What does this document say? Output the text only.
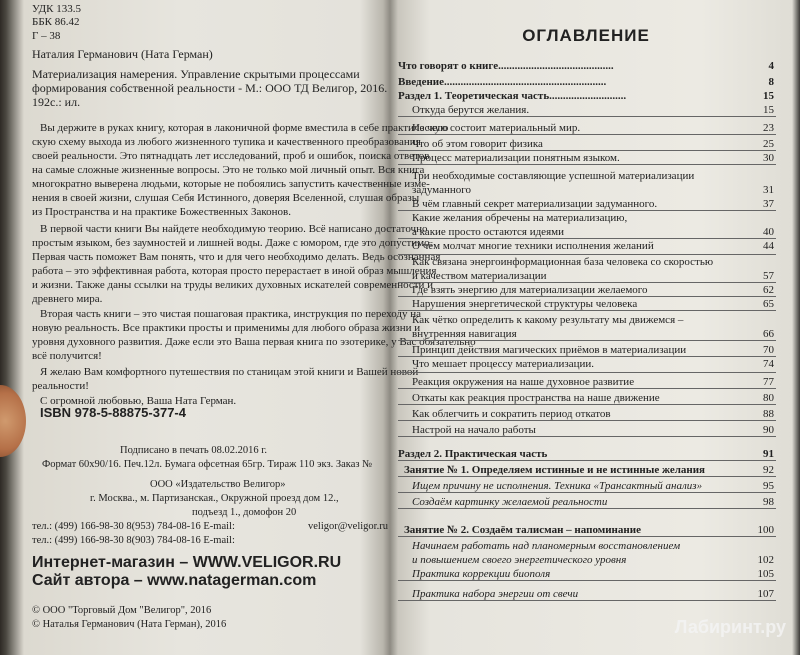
УДК 133.5
ББК 86.42
Г – 38
Наталия Германович (Ната Герман)
Материализация намерения. Управление скрытыми процессами
формирования собственной реальности - М.: ООО ТД Велигор, 2016.
192с.: ил.
Вы держите в руках книгу, которая в лаконичной форме вместила в себе практическую
скую схему выхода из любого жизненного тупика и качественного преобразования
своей реальности. Это пятнадцать лет исследований, проб и ошибок, поиска ответов
на самые сложные жизненные вопросы. Это не только мой личный опыт. Вся книга
многократно выверена людьми, которые не побоялись запустить качественные изме-
нения в своей жизни, слушая Себя Истинного, доверяя Вселенной, слушая образы
из Пространства и на практике Божественных Законов.
В первой части книги Вы найдете необходимую теорию. Всё написано достаточно
простым языком, без заумностей и лишней воды. Даже с юмором, где это допустимо.
Первая часть поможет Вам понять, что и для чего необходимо делать. Ведь осознанная
работа – это эффективная работа, которая просто перерастает в иной образ мышления
и жизни. Также даны ссылки на труды великих духовных искателей современности и
древнего мира.
Вторая часть книги – это чистая пошаговая практика, инструкция по переходу на
новую реальность. Все практики просты и применимы для любого образа жизни и
уровня духовного развития. Даже если это Ваша первая книга по эзотерике, у Вас обязательно
всё получится!
Я желаю Вам комфортного путешествия по станицам этой книги и Вашей новой
реальности!
С огромной любовью, Ваша Ната Герман.
ISBN 978-5-88875-377-4
Подписано в печать 08.02.2016 г.
Формат 60х90/16. Печ.12л. Бумага офсетная 65гр. Тираж 110 экз. Заказ №
ООО «Издательство Велигор»
г. Москва., м. Партизанская., Окружной проезд дом 12.,
подъезд 1., домофон 20
тел.: (499) 166-98-30 8(953) 784-08-16 E-mail:	veligor@veligor.ru
тел.: (499) 166-98-30 8(903) 784-08-16 E-mail:
Интернет-магазин – WWW.VELIGOR.RU
Сайт автора – www.natagerman.com
© ООО "Торговый Дом "Велигор", 2016
© Наталья Германович (Ната Герман), 2016
ОГЛАВЛЕНИЕ
Что говорят о книге..........................................	4
Введение...........................................................	8
Раздел 1. Теоретическая часть............................	15
Откуда берутся желания.	15
Из чего состоит материальный мир.	23
Что об этом говорит физика	25
Процесс материализации понятным языком.	30
Три необходимые составляющие успешной материализации
задуманного	31
В чём главный секрет материализации задуманного.	37
Какие желания обречены на материализацию,
а какие просто остаются идеями	40
О чём молчат многие техники исполнения желаний	44
Как связана энергоинформационная база человека со скоростью
и качеством материализации	57
Где взять энергию для материализации желаемого	62
Нарушения энергетической структуры человека	65
Как чётко определить к какому результату мы движемся –
внутренняя навигация	66
Принцип действия магических приёмов в материализации	70
Что мешает процессу материализации.	74
Реакция окружения на наше духовное развитие	77
Откаты как реакция пространства на наше движение	80
Как облегчить и сократить период откатов	88
Настрой на начало работы	90
Раздел 2. Практическая часть	91
Занятие № 1. Определяем истинные и не истинные желания	92
Ищем причину не исполнения. Техника «Трансактный анализ»	95
Создаём картинку желаемой реальности	98
Занятие № 2. Создаём талисман – напоминание	100
Начинаем работать над планомерным восстановлением
и повышением своего энергетического уровня	102
Практика коррекции биополя	105
Практика набора энергии от свечи	107
Лабиринт.ру
